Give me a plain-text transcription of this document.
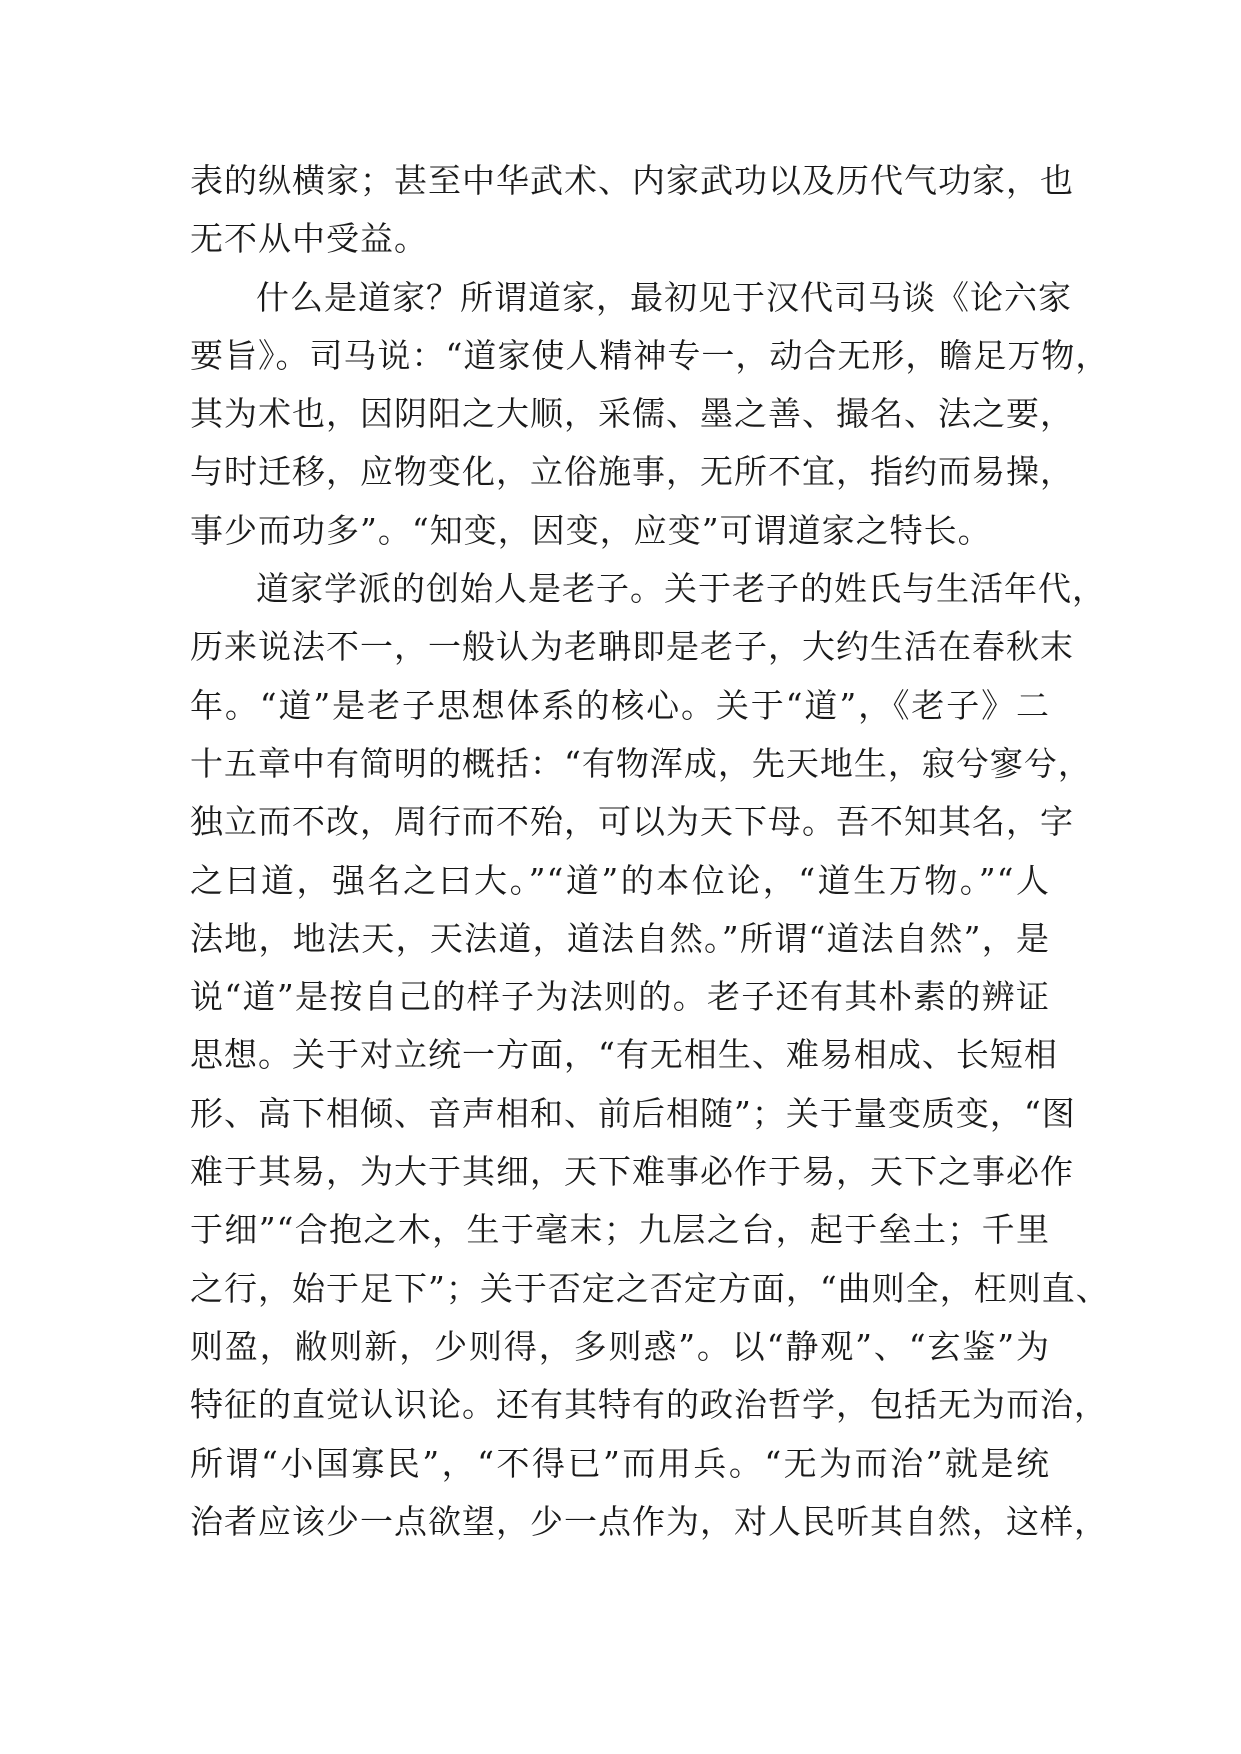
表的纵横家；甚至中华武术、内家武功以及历代气功家，也
无不从中受益。
什么是道家？所谓道家，最初见于汉代司马谈《论六家
要旨》。司马说：“道家使人精神专一，动合无形，瞻足万物，
其为术也，因阴阳之大顺，采儒、墨之善、撮名、法之要，
与时迁移，应物变化，立俗施事，无所不宜，指约而易操，
事少而功多”。“知变，因变，应变”可谓道家之特长。
道家学派的创始人是老子。关于老子的姓氏与生活年代，
历来说法不一，一般认为老聃即是老子，大约生活在春秋末
年。“道”是老子思想体系的核心。关于“道”，《老子》二
十五章中有简明的概括：“有物浑成，先天地生，寂兮寥兮，
独立而不改，周行而不殆，可以为天下母。吾不知其名，字
之曰道，强名之曰大。”“道”的本位论，“道生万物。”“人
法地，地法天，天法道，道法自然。”所谓“道法自然”，是
说“道”是按自己的样子为法则的。老子还有其朴素的辨证
思想。关于对立统一方面，“有无相生、难易相成、长短相
形、高下相倾、音声相和、前后相随”；关于量变质变，“图
难于其易，为大于其细，天下难事必作于易，天下之事必作
于细”“合抱之木，生于毫末；九层之台，起于垒土；千里
之行，始于足下”；关于否定之否定方面，“曲则全，枉则直、
则盈，敝则新，少则得，多则惑”。以“静观”、“玄鉴”为
特征的直觉认识论。还有其特有的政治哲学，包括无为而治，
所谓“小国寡民”，“不得已”而用兵。“无为而治”就是统
治者应该少一点欲望，少一点作为，对人民听其自然，这样，
